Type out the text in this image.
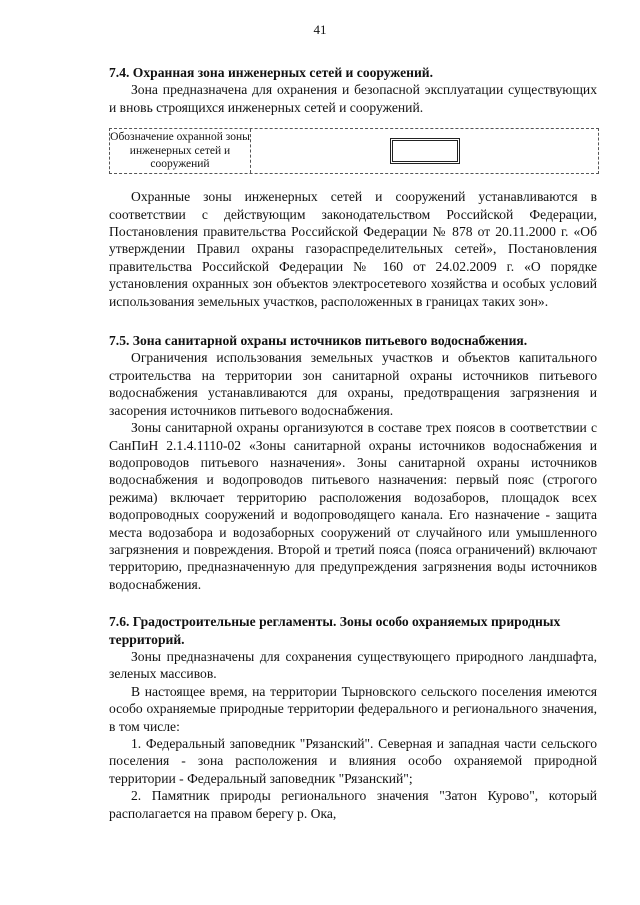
41

7.4. Охранная зона инженерных сетей и сооружений.

Зона предназначена для охранения и безопасной эксплуатации существующих и вновь строящихся инженерных сетей и сооружений.

Обозначение охранной зоны инженерных сетей и сооружений

Охранные зоны инженерных сетей и сооружений устанавливаются в соответствии с действующим законодательством Российской Федерации, Постановления правительства Российской Федерации № 878 от 20.11.2000 г. «Об утверждении Правил охраны газораспределительных сетей», Постановления правительства Российской Федерации № 160 от 24.02.2009 г. «О порядке установления охранных зон объектов электросетевого хозяйства и особых условий использования земельных участков, расположенных в границах таких зон».

7.5. Зона санитарной охраны источников питьевого водоснабжения.

Ограничения использования земельных участков и объектов капитального строительства на территории зон санитарной охраны источников питьевого водоснабжения устанавливаются для охраны, предотвращения загрязнения и засорения источников питьевого водоснабжения.

Зоны санитарной охраны организуются в составе трех поясов в соответствии с СанПиН 2.1.4.1110-02 «Зоны санитарной охраны источников водоснабжения и водопроводов питьевого назначения». Зоны санитарной охраны источников водоснабжения и водопроводов питьевого назначения: первый пояс (строгого режима) включает территорию расположения водозаборов, площадок всех водопроводных сооружений и водопроводящего канала. Его назначение - защита места водозабора и водозаборных сооружений от случайного или умышленного загрязнения и повреждения. Второй и третий пояса (пояса ограничений) включают территорию, предназначенную для предупреждения загрязнения воды источников водоснабжения.

7.6. Градостроительные регламенты. Зоны особо охраняемых природных территорий.

Зоны предназначены для сохранения существующего природного ландшафта, зеленых массивов.

В настоящее время, на территории Тырновского сельского поселения имеются особо охраняемые природные территории федерального и регионального значения, в том числе:

1. Федеральный заповедник "Рязанский". Северная и западная части сельского поселения - зона расположения и влияния особо охраняемой природной территории - Федеральный заповедник "Рязанский";

2. Памятник природы регионального значения "Затон Курово", который располагается на правом берегу р. Ока,
